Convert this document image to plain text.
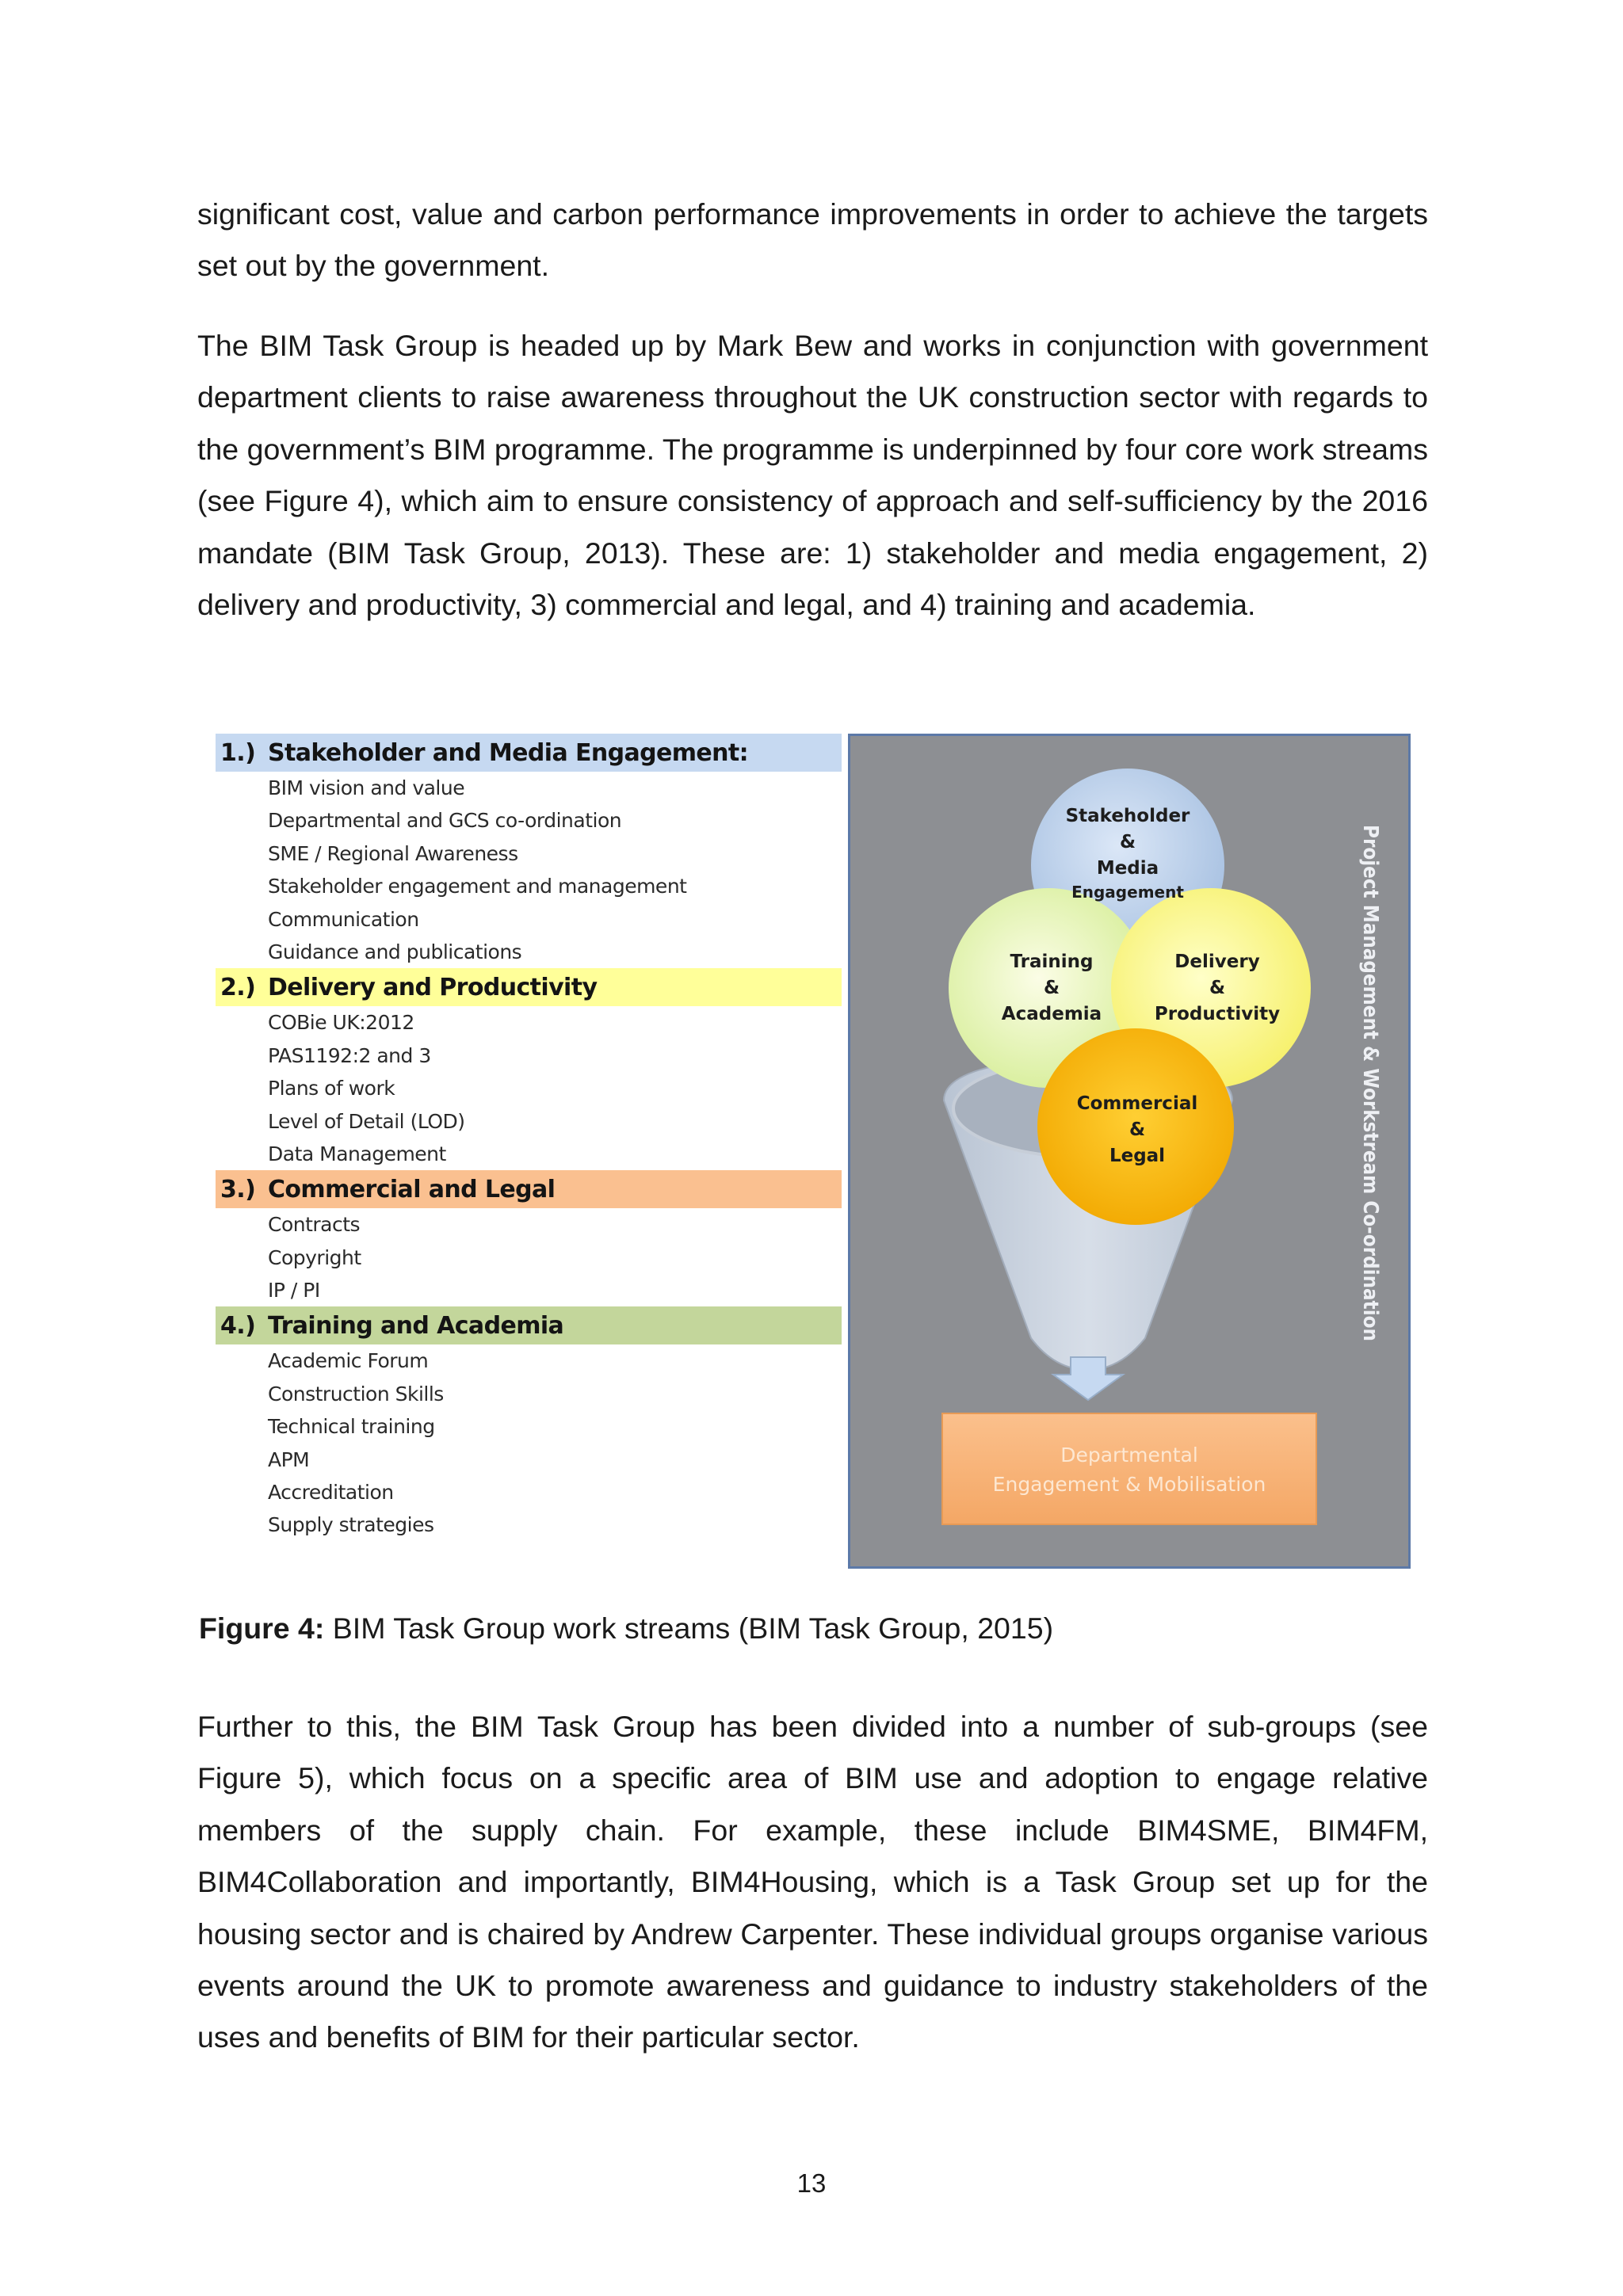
significant cost, value and carbon performance improvements in order to achieve the targets set out by the government.

The BIM Task Group is headed up by Mark Bew and works in conjunction with government department clients to raise awareness throughout the UK construction sector with regards to the government’s BIM programme. The programme is underpinned by four core work streams (see Figure 4), which aim to ensure consistency of approach and self-sufficiency by the 2016 mandate (BIM Task Group, 2013). These are: 1) stakeholder and media engagement, 2) delivery and productivity, 3) commercial and legal, and 4) training and academia.

1.) Stakeholder and Media Engagement:
BIM vision and value
Departmental and GCS co-ordination
SME / Regional Awareness
Stakeholder engagement and management
Communication
Guidance and publications
2.) Delivery and Productivity
COBie UK:2012
PAS1192:2 and 3
Plans of work
Level of Detail (LOD)
Data Management
3.) Commercial and Legal
Contracts
Copyright
IP / PI
4.) Training and Academia
Academic Forum
Construction Skills
Technical training
APM
Accreditation
Supply strategies
Stakeholder
&
Media
Engagement
Training
&
Academia
Delivery
&
Productivity
Commercial
&
Legal
Departmental
Engagement & Mobilisation
Project Management & Workstream Co-ordination

Figure 4: BIM Task Group work streams (BIM Task Group, 2015)

Further to this, the BIM Task Group has been divided into a number of sub-groups (see Figure 5), which focus on a specific area of BIM use and adoption to engage relative members of the supply chain. For example, these include BIM4SME, BIM4FM, BIM4Collaboration and importantly, BIM4Housing, which is a Task Group set up for the housing sector and is chaired by Andrew Carpenter. These individual groups organise various events around the UK to promote awareness and guidance to industry stakeholders of the uses and benefits of BIM for their particular sector.

13
